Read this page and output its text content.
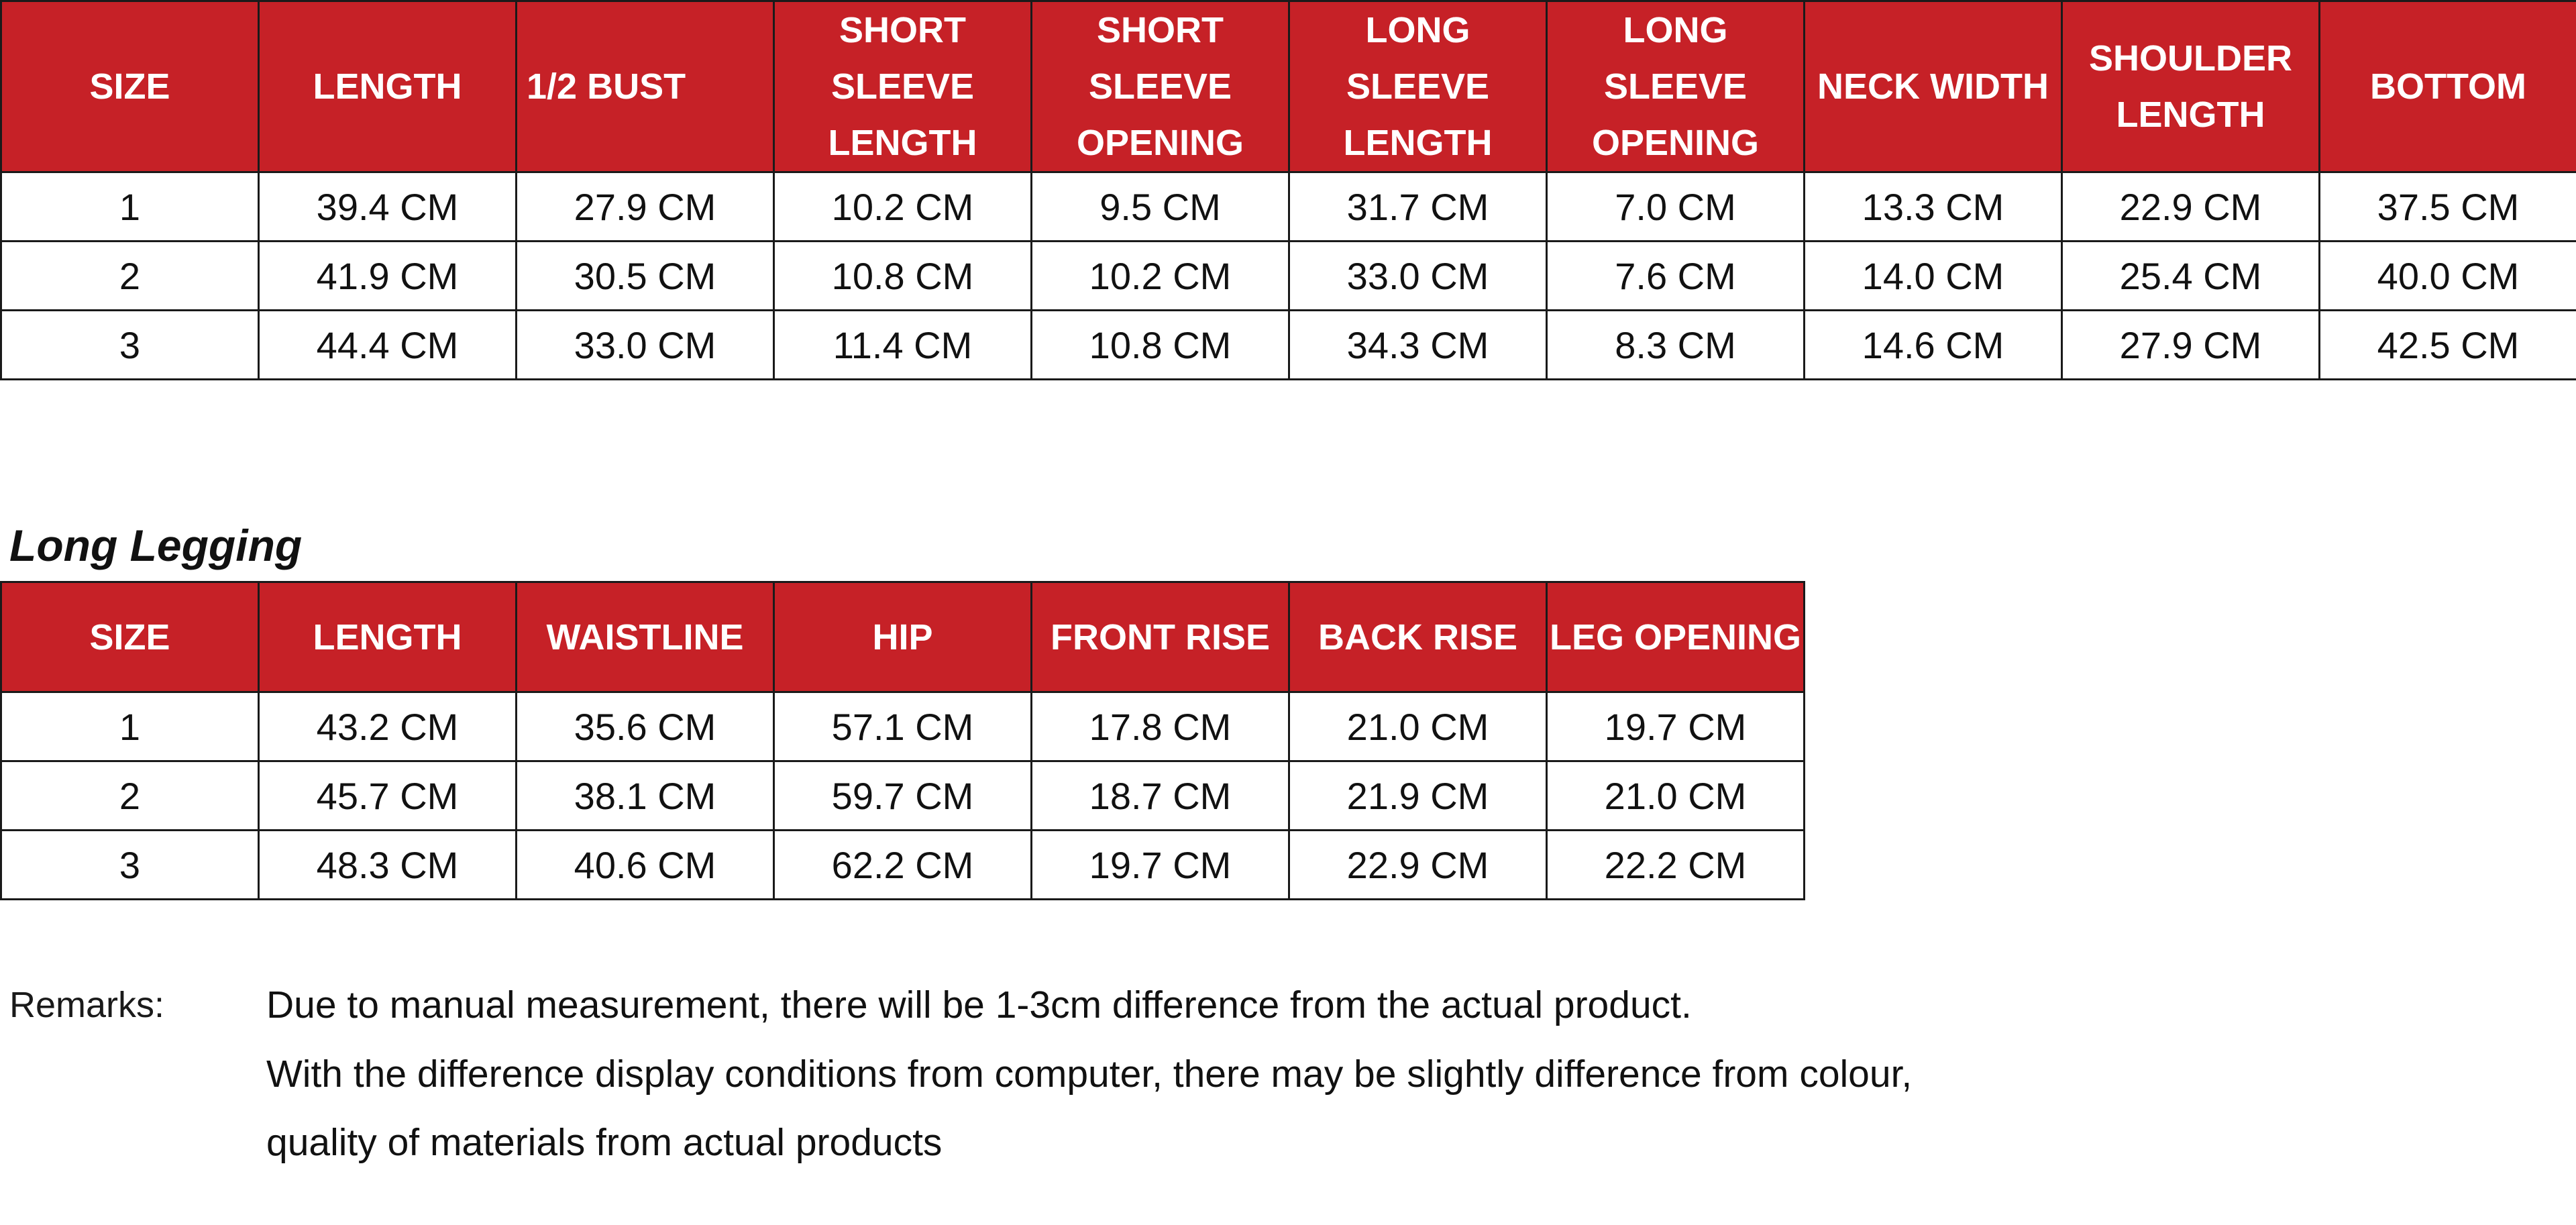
SIZE	LENGTH	1/2 BUST	SHORT SLEEVE LENGTH	SHORT SLEEVE OPENING	LONG SLEEVE LENGTH	LONG SLEEVE OPENING	NECK WIDTH	SHOULDER LENGTH	BOTTOM
1	39.4 CM	27.9 CM	10.2 CM	9.5 CM	31.7 CM	7.0 CM	13.3 CM	22.9 CM	37.5 CM
2	41.9 CM	30.5 CM	10.8 CM	10.2 CM	33.0 CM	7.6 CM	14.0 CM	25.4 CM	40.0 CM
3	44.4 CM	33.0 CM	11.4 CM	10.8 CM	34.3 CM	8.3 CM	14.6 CM	27.9 CM	42.5 CM
Long Legging
SIZE	LENGTH	WAISTLINE	HIP	FRONT RISE	BACK RISE	LEG OPENING
1	43.2 CM	35.6 CM	57.1 CM	17.8 CM	21.0 CM	19.7 CM
2	45.7 CM	38.1 CM	59.7 CM	18.7 CM	21.9 CM	21.0 CM
3	48.3 CM	40.6 CM	62.2 CM	19.7 CM	22.9 CM	22.2 CM
Remarks:	Due to manual measurement, there will be 1-3cm difference from the actual product.
With the difference display conditions from computer, there may be slightly difference from colour,
quality of materials from actual products
